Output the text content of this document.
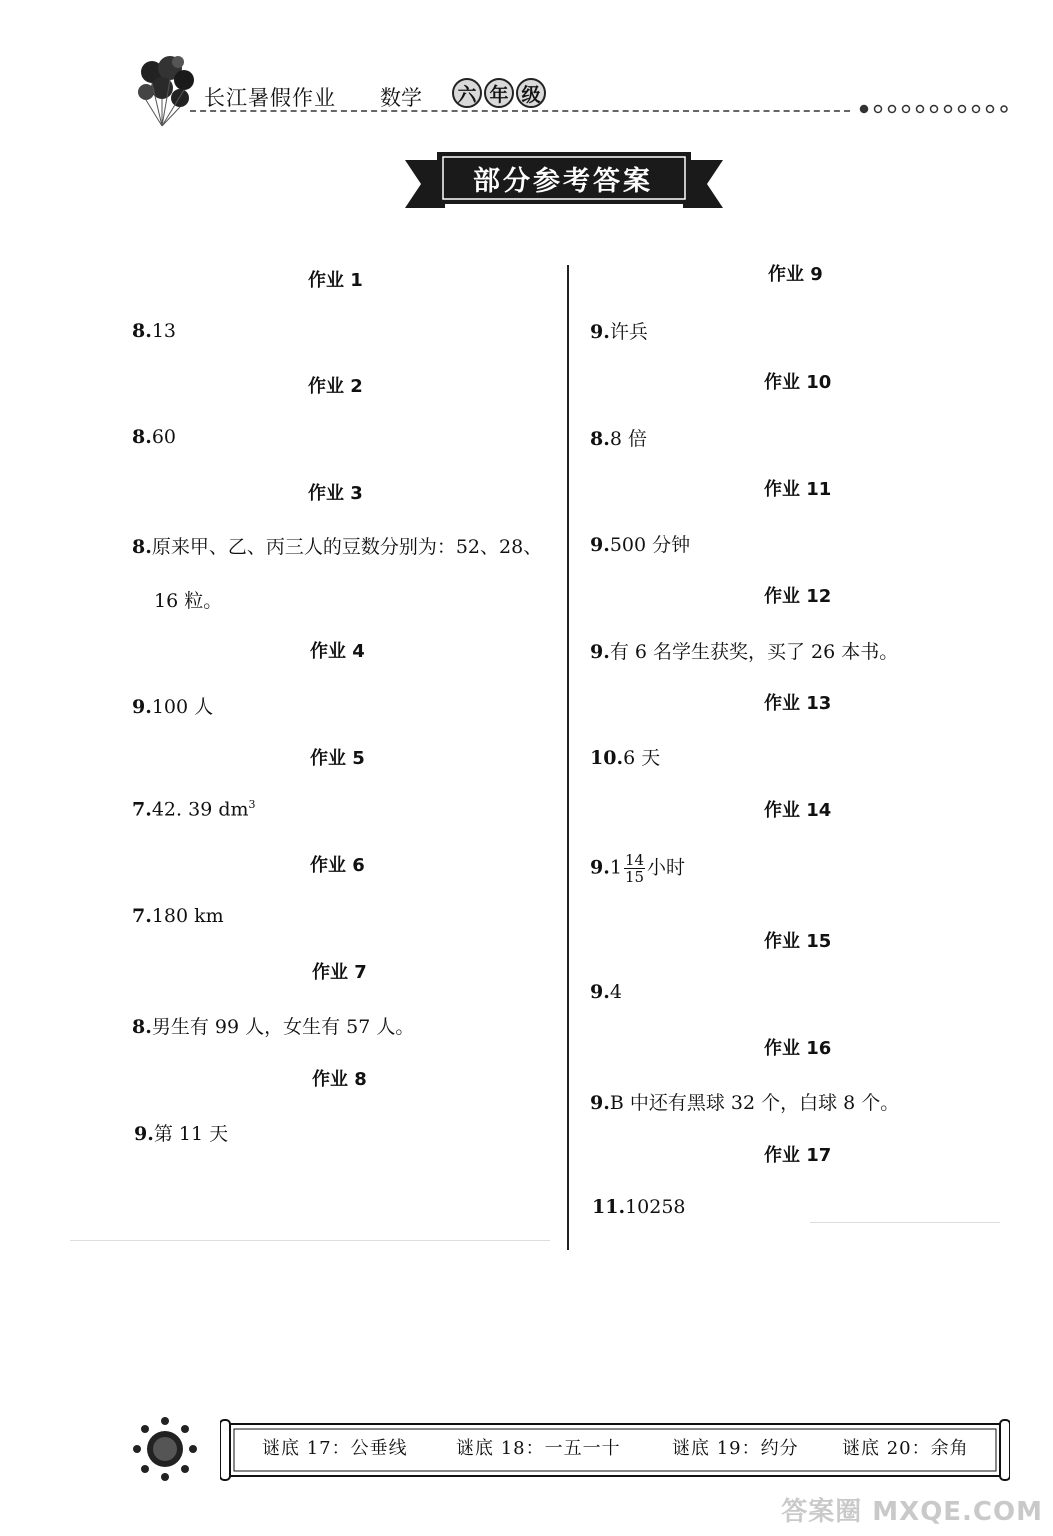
长江暑假作业 数学 六 年 级
部分参考答案
作业 1
8.13
作业 2
8.60
作业 3
8.原来甲、乙、丙三人的豆数分别为：52、28、
16 粒。
作业 4
9.100 人
作业 5
7.42. 39 $dm^3$
作业 6
7.180 km
作业 7
8.男生有 99 人，女生有 57 人。
作业 8
9.第 11 天
作业 9
9.许兵
作业 10
8.8 倍
作业 11
9.500 分钟
作业 12
9.有 6 名学生获奖，买了 26 本书。
作业 13
10.6 天
作业 14
$9.1 \frac{14}{15}$ 小时
作业 15
9.4
作业 16
9.B 中还有黑球 32 个，白球 8 个。
作业 17
11.10258
谜底 17：公垂线	谜底 18：一五一十	谜底 19：约分 谜底 20：余角
答案圈 MXQE.COM
